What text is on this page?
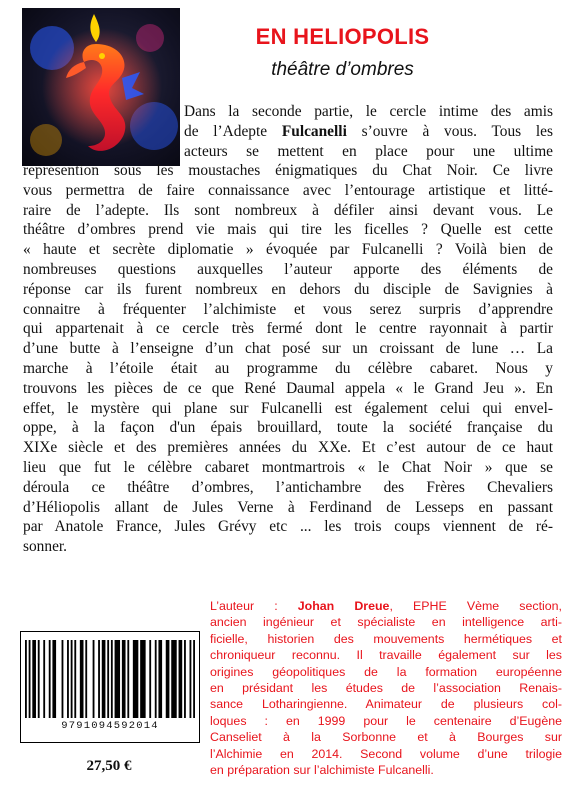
EN HELIOPOLIS
théâtre d’ombres
Dans la seconde partie, le cercle intime des amis
de l’Adepte Fulcanelli s’ouvre à vous. Tous les
acteurs se mettent en place pour une ultime
représention sous les moustaches énigmatiques du Chat Noir. Ce livre
vous permettra de faire connaissance avec l’entourage artistique et litté-
raire de l’adepte. Ils sont nombreux à défiler ainsi devant vous. Le
théâtre d’ombres prend vie mais qui tire les ficelles ? Quelle est cette
« haute et secrète diplomatie » évoquée par Fulcanelli ? Voilà bien de
nombreuses questions auxquelles l’auteur apporte des éléments de
réponse car ils furent nombreux en dehors du disciple de Savignies à
connaitre à fréquenter l’alchimiste et vous serez surpris d’apprendre
qui appartenait à ce cercle très fermé dont le centre rayonnait à partir
d’une butte à l’enseigne d’un chat posé sur un croissant de lune … La
marche à l’étoile était au programme du célèbre cabaret. Nous y
trouvons les pièces de ce que René Daumal appela « le Grand Jeu ». En
effet, le mystère qui plane sur Fulcanelli est également celui qui envel-
oppe, à la façon d'un épais brouillard, toute la société française du
XIXe siècle et des premières années du XXe. Et c’est autour de ce haut
lieu que fut le célèbre cabaret montmartrois « le Chat Noir » que se
déroula ce théâtre d’ombres, l’antichambre des Frères Chevaliers
d’Héliopolis allant de Jules Verne à Ferdinand de Lesseps en passant
par Anatole France, Jules Grévy etc ... les trois coups viennent de ré-
sonner.
L’auteur : Johan Dreue, EPHE Vème section,
ancien ingénieur et spécialiste en intelligence arti-
ficielle, historien des mouvements hermétiques et
chroniqueur reconnu. Il travaille également sur les
origines géopolitiques de la formation européenne
en présidant les études de l’association Renais-
sance Lotharingienne. Animateur de plusieurs col-
loques : en 1999 pour le centenaire d’Eugène
Canseliet à la Sorbonne et à Bourges sur
l’Alchimie en 2014. Second volume d’une trilogie
en préparation sur l’alchimiste Fulcanelli.
9791094592014
27,50 €
